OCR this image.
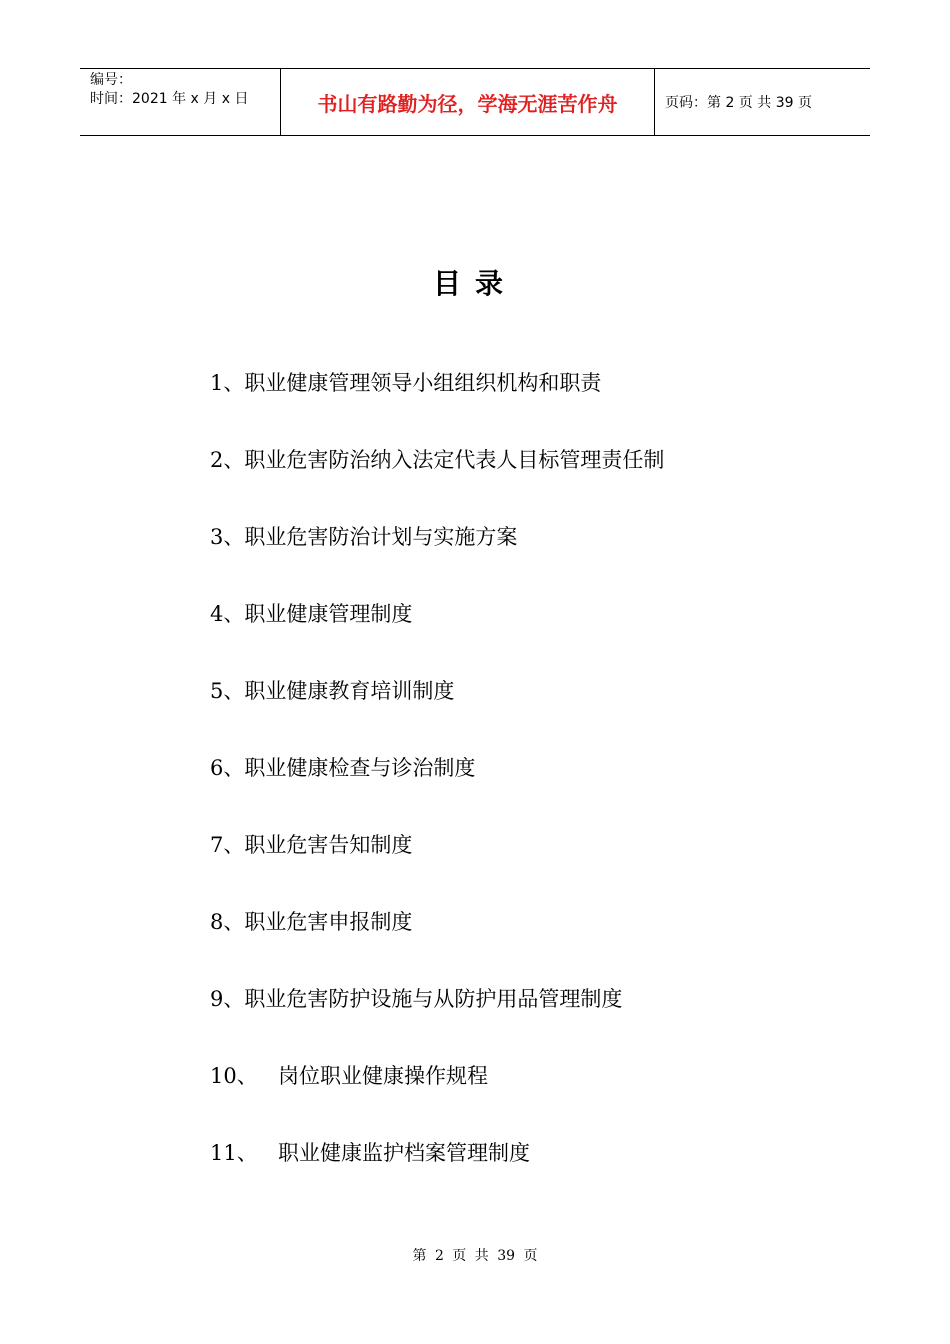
编号：
时间：2021 年 x 月 x 日	书山有路勤为径，学海无涯苦作舟	页码：第 2 页 共 39 页
目录
1、 职业健康管理领导小组组织机构和职责
2、 职业危害防治纳入法定代表人目标管理责任制
3、 职业危害防治计划与实施方案
4、 职业健康管理制度
5、 职业健康教育培训制度
6、 职业健康检查与诊治制度
7、 职业危害告知制度
8、 职业危害申报制度
9、 职业危害防护设施与从防护用品管理制度
10、 岗位职业健康操作规程
11、 职业健康监护档案管理制度
第 2 页 共 39 页
